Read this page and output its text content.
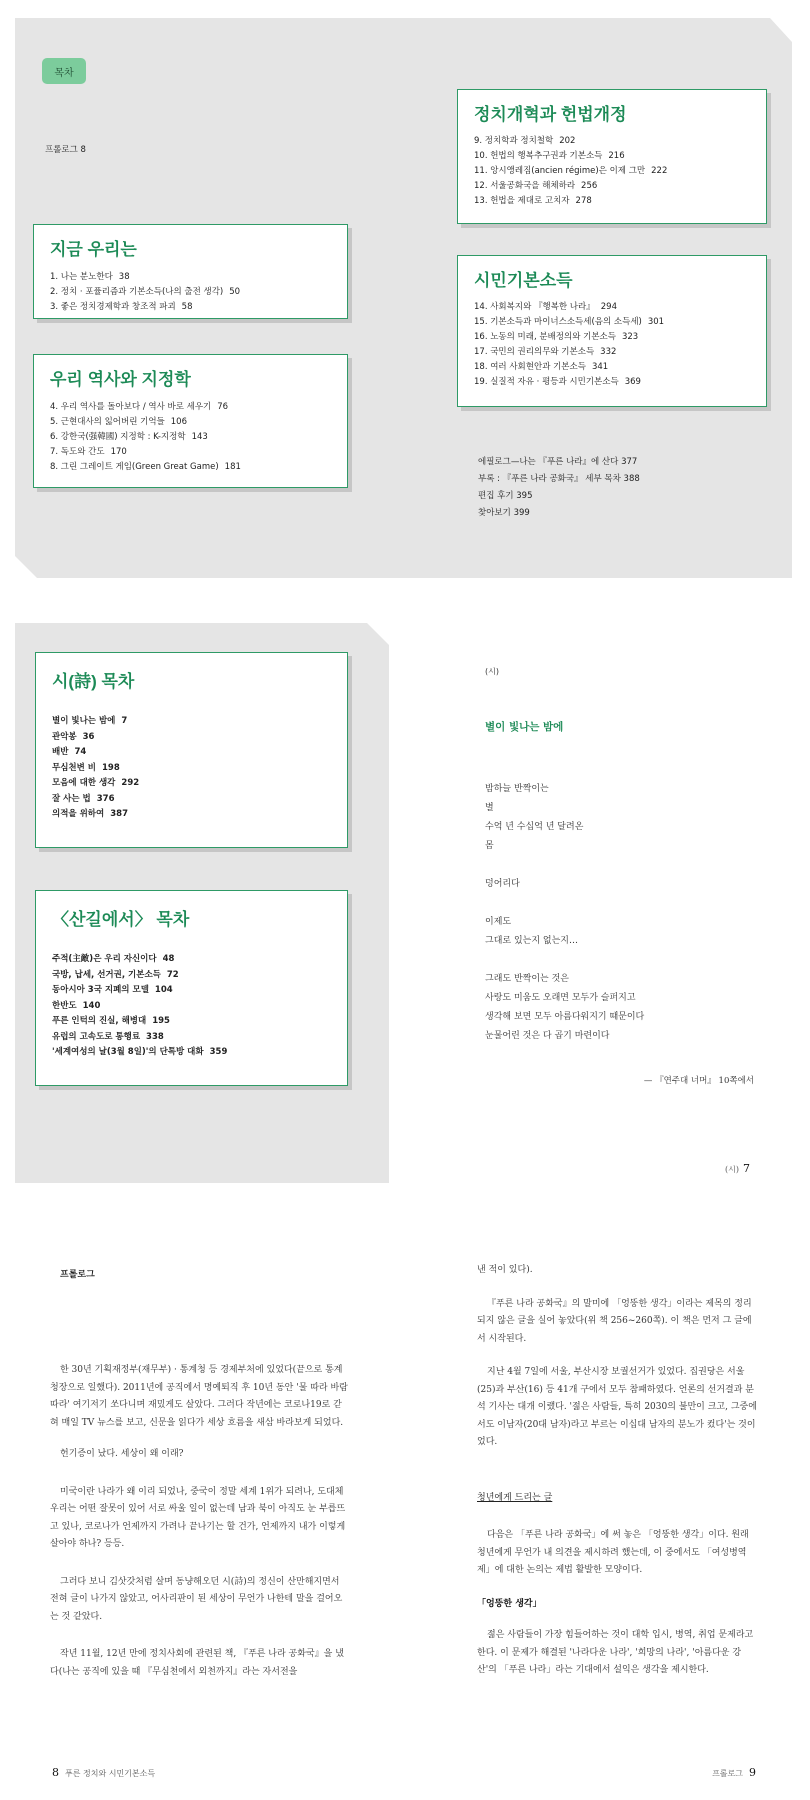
목차
프롤로그 8
지금 우리는
1. 나는 분노한다 38
2. 정치 · 포퓰리즘과 기본소득(나의 출전 생각) 50
3. 좋은 정치경제학과 창조적 파괴 58
우리 역사와 지정학
4. 우리 역사를 돌아보다 / 역사 바로 세우기 76
5. 근현대사의 잃어버린 기억들 106
6. 강한국(强韓國) 지정학 : K-지정학 143
7. 독도와 간도 170
8. 그린 그레이트 게임(Green Great Game) 181
정치개혁과 헌법개정
9. 정치학과 정치철학 202
10. 헌법의 행복추구권과 기본소득 216
11. 앙시앵레짐(ancien régime)은 이제 그만 222
12. 서울공화국을 해체하라 256
13. 헌법을 제대로 고치자 278
시민기본소득
14. 사회복지와 『행복한 나라』 294
15. 기본소득과 마이너스소득세(음의 소득세) 301
16. 노동의 미래, 분배정의와 기본소득 323
17. 국민의 권리의무와 기본소득 332
18. 여러 사회현안과 기본소득 341
19. 실질적 자유 · 평등과 시민기본소득 369
에필로그—나는 『푸른 나라』에 산다 377
부록 : 『푸른 나라 공화국』 세부 목차 388
편집 후기 395
찾아보기 399
시(詩) 목차
별이 빛나는 밤에 7
관악봉 36
배반 74
무심천변 비 198
모음에 대한 생각 292
잘 사는 법 376
의적을 위하여 387
〈산길에서〉 목차
주적(主敵)은 우리 자신이다 48
국방, 납세, 선거권, 기본소득 72
동아시아 3국 지폐의 모델 104
한반도 140
푸른 인턱의 진실, 해병대 195
유럽의 고속도로 통행료 338
'세계여성의 날(3월 8일)'의 단톡방 대화 359
(시)
별이 빛나는 밤에
밤하늘 반짝이는
별
수억 년 수십억 년 달려온
몸
덩어리다
이제도
그대로 있는지 없는지…
그래도 반짝이는 것은
사랑도 미움도 오래면 모두가 슬퍼지고
생각해 보면 모두 아름다워지기 때문이다
눈물어린 것은 다 곱기 마련이다
— 『연주대 너머』 10쪽에서
(시) 7
프롤로그

한 30년 기획재정부(재무부) · 통계청 등 경제부처에 있었다(끝으로 통계청장으로 일했다). 2011년에 공직에서 명예퇴직 후 10년 동안 '물 따라 바람 따라' 여기저기 쏘다니며 재밌게도 살았다. 그러다 작년에는 코로나19로 갇혀 매일 TV 뉴스를 보고, 신문을 읽다가 세상 흐름을 새삼 바라보게 되었다.

헌기증이 났다. 세상이 왜 이래?

미국이란 나라가 왜 이리 되었나, 중국이 정말 세계 1위가 되려나, 도대체 우리는 어떤 잘못이 있어 서로 싸울 일이 없는데 남과 북이 아직도 눈 부릅뜨고 있나, 코로나가 언제까지 가려나 끝나기는 할 건가, 언제까지 내가 이렇게 살아야 하나? 등등.

그러다 보니 김삿갓처럼 살며 동냥해오던 시(詩)의 정신이 산만해지면서 전혀 글이 나가지 않았고, 어사리판이 된 세상이 무언가 나한테 말을 걸어오는 것 같았다.

작년 11월, 12년 만에 정치사회에 관련된 책, 『푸른 나라 공화국』을 냈다(나는 공직에 있을 때 『무심천에서 외천까지』라는 자서전을

낸 적이 있다).

『푸른 나라 공화국』의 말미에 「엉뚱한 생각」이라는 제목의 정리되지 않은 글을 실어 놓았다(위 책 256~260쪽). 이 책은 먼저 그 글에서 시작된다.

지난 4월 7일에 서울, 부산시장 보궐선거가 있었다. 집권당은 서울(25)과 부산(16) 등 41개 구에서 모두 참패하였다. 언론의 선거결과 분석 기사는 대개 이랬다. '젊은 사람들, 특히 2030의 불만이 크고, 그중에서도 이남자(20대 남자)라고 부르는 이십대 남자의 분노가 컸다'는 것이었다.

청년에게 드리는 글

다음은 「푸른 나라 공화국」에 써 놓은 「엉뚱한 생각」이다. 원래 청년에게 무언가 내 의견을 제시하려 했는데, 이 중에서도 「여성병역제」에 대한 논의는 제법 활발한 모양이다.

「엉뚱한 생각」

젊은 사람들이 가장 힘들어하는 것이 대학 입시, 병역, 취업 문제라고 한다. 이 문제가 해결된 '나라다운 나라', '희망의 나라', '아름다운 강산'의 「푸른 나라」라는 기대에서 설익은 생각을 제시한다.

8 푸른 정치와 시민기본소득	프롤로그 9
